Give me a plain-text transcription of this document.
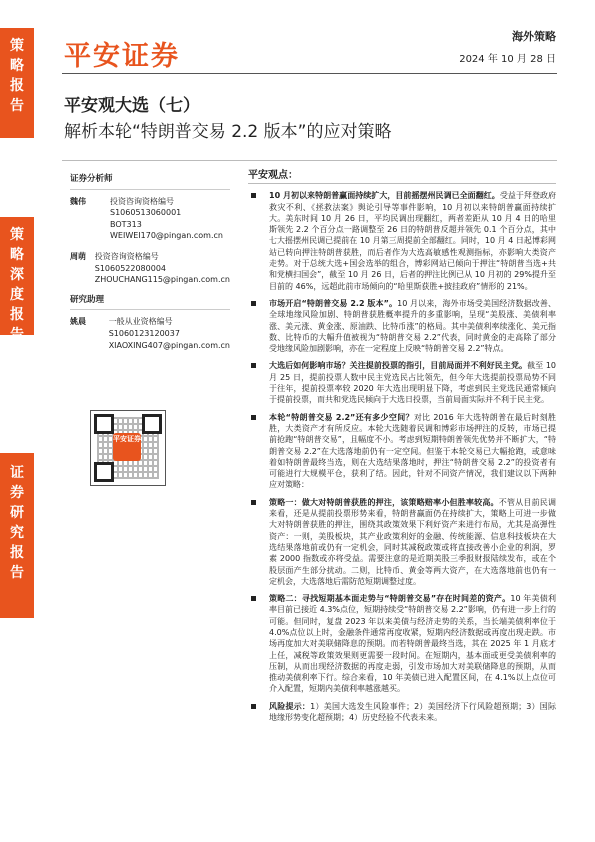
策
略
报
告
策
略
深
度
报
告
证
券
研
究
报
告
平安证券
海外策略
2024 年 10 月 28 日
平安观大选（七）
解析本轮“特朗普交易 2.2 版本”的应对策略
证券分析师
魏伟	投资咨询资格编号
S1060513060001
BOT313
WEIWEI170@pingan.com.cn
周萌	投资咨询资格编号
S1060522080004
ZHOUCHANG115@pingan.com.cn
研究助理
姚晨	一般从业资格编号
S1060123120037
XIAOXING407@pingan.com.cn
平安证券
平安观点：
10 月初以来特朗普赢面持续扩大，目前摇摆州民调已全面翻红。受益于拜登政府救灾不利、《拯救法案》舆论引导等事件影响，10 月初以来特朗普赢面持续扩大。美东时间 10 月 26 日，平均民调出现翻红，两者差距从 10 月 4 日的哈里斯领先 2.2 个百分点一路调整至 26 日的特朗普反超并领先 0.1 个百分点，其中七大摇摆州民调已提前在 10 月第三周提前全部翻红。同时，10 月 4 日起博彩网站已转向押注特朗普获胜，而后者作为大选高敏感性观测指标，亦影响大类资产走势。对于总统大选+国会选举的组合，博彩网站已倾向于押注“特朗普当选+共和党横扫国会”，截至 10 月 26 日，后者的押注比例已从 10 月初的 29%提升至目前的 46%，远超此前市场倾向的“哈里斯获胜+披挂政府”情形的 21%。
市场开启“特朗普交易 2.2 版本”。10 月以来，海外市场受美国经济数据改善、全球地缘风险加剧、特朗普获胜概率提升的多重影响，呈现“美股涨、美债利率涨、美元涨、黄金涨、原油跌、比特币涨”的格局。其中美债利率续涨化、美元指数、比特币的大幅升值被视为“特朗普交易 2.2”代表，同时黄金的走高除了部分受地缘风险加剧影响，亦在一定程度上反映“特朗普交易 2.2”特点。
大选后如何影响市场？关注提前投票的指引，目前局面并不利好民主党。截至 10 月 25 日，提前投票人数中民主党选民占比领先，但今年大选提前投票局势不同于往年，提前投票率较 2020 年大选出现明显下降，考虑到民主党选民通常倾向于提前投票，而共和党选民倾向于大选日投票，当前局面实际并不利于民主党。
本轮“特朗普交易 2.2”还有多少空间？对比 2016 年大选特朗普在最后时刻胜胜，大类资产才有所反应。本轮大选随着民调和博彩市场押注的反转，市场已提前抢跑“特朗普交易”，且幅度不小。考虑到短期特朗普领先优势并不断扩大，“特朗普交易 2.2”在大选落地前仍有一定空间。但鉴于本轮交易已大幅抢跑，或意味着如特朗普最终当选，则在大选结果落地时，押注“特朗普交易 2.2”的投资者有可能进行大规模平仓，获利了结。因此，针对不同资产情况，我们建议以下两种应对策略：
策略一：做大对特朗普获胜的押注，该策略赔率小但胜率较高。不管从目前民调来看，还是从提前投票形势来看，特朗普赢面仍在持续扩大，策略上可进一步做大对特朗普获胜的押注，围绕其政策效果下利好资产来进行布局，尤其是高弹性资产：一则，美股板块，其产业政策利好的金融、传统能源、信息科技板块在大选结果落地前或仍有一定机会，同时其减税政策或将直接改善小企业的利润，罗素 2000 指数或亦将受益。需要注意的是近期美股三季报财报陆续发布，或在个股层面产生部分扰动。二则，比特币、黄金等两大资产，在大选落地前也仍有一定机会，大选落地后需防范短期调整过度。
策略二：寻找短期基本面走势与“特朗普交易”存在时间差的资产。10 年美债利率目前已接近 4.3%点位，短期持续受“特朗普交易 2.2”影响，仍有进一步上行的可能。但同时，复盘 2023 年以来美债与经济走势的关系，当长端美债利率位于 4.0%点位以上时，金融条件通常再度收紧，短期内经济数据或再度出现走跌。市场再度加大对美联储降息的预期。而若特朗普最终当选，其在 2025 年 1 月底才上任，减税等政策效果则更需要一段时间。在短期内，基本面或更受美债利率的压制，从而出现经济数据的再度走弱，引发市场加大对美联储降息的预期，从而推动美债利率下行。综合来看，10 年美债已进入配置区间，在 4.1%以上点位可介入配置，短期内美债利率越涨越买。
风险提示：1）美国大选发生风险事件；2）美国经济下行风险超预期；3）国际地缘形势变化超预期；4）历史经验不代表未来。
